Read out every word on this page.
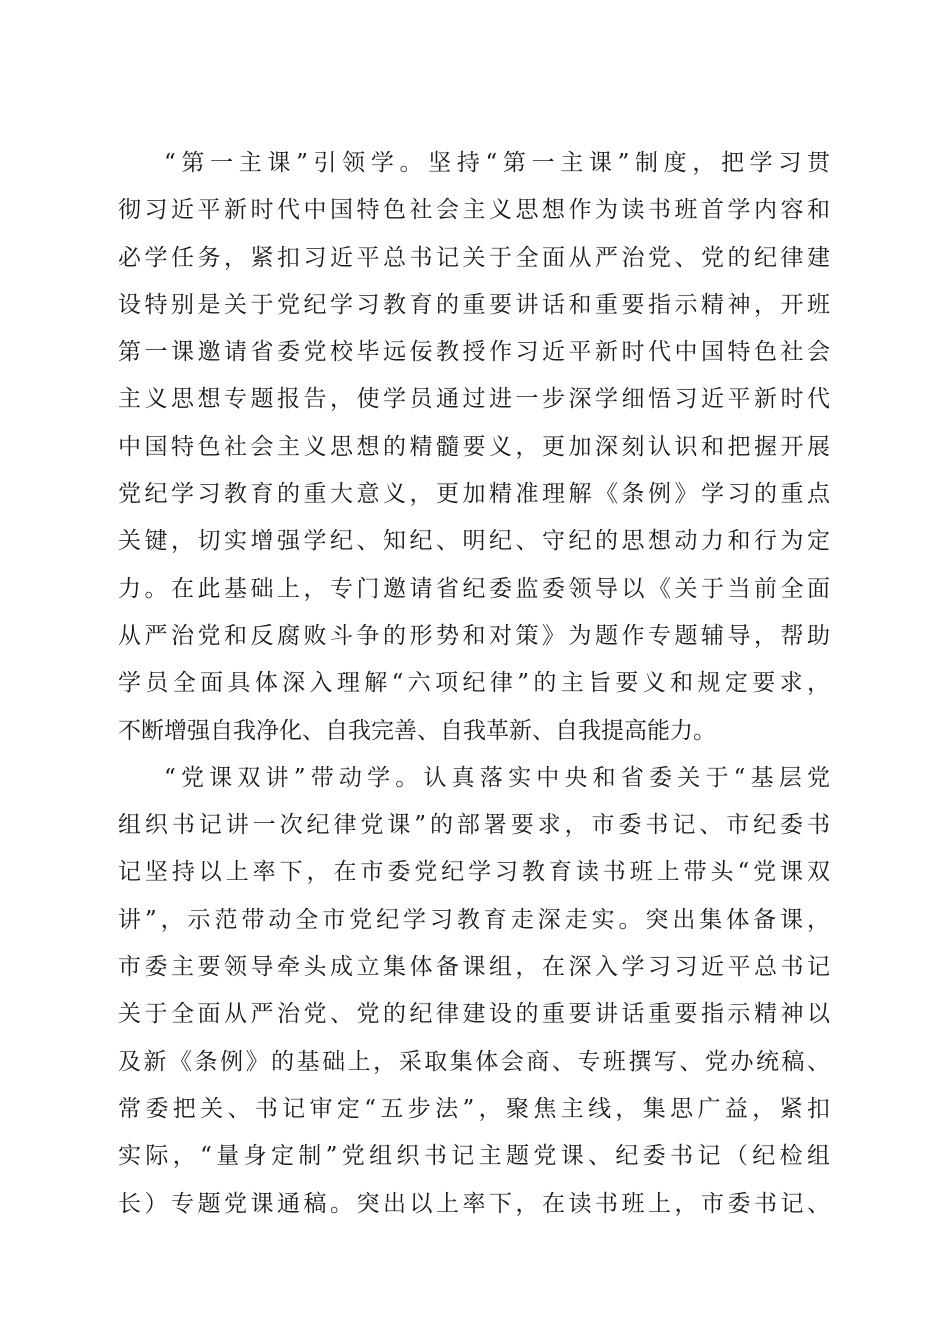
“第一主课”引领学。坚持“第一主课”制度，把学习贯
彻习近平新时代中国特色社会主义思想作为读书班首学内容和
必学任务，紧扣习近平总书记关于全面从严治党、党的纪律建
设特别是关于党纪学习教育的重要讲话和重要指示精神，开班
第一课邀请省委党校毕远佞教授作习近平新时代中国特色社会
主义思想专题报告，使学员通过进一步深学细悟习近平新时代
中国特色社会主义思想的精髓要义，更加深刻认识和把握开展
党纪学习教育的重大意义，更加精准理解《条例》学习的重点
关键，切实增强学纪、知纪、明纪、守纪的思想动力和行为定
力。在此基础上，专门邀请省纪委监委领导以《关于当前全面
从严治党和反腐败斗争的形势和对策》为题作专题辅导，帮助
学员全面具体深入理解“六项纪律”的主旨要义和规定要求，
不断增强自我净化、自我完善、自我革新、自我提高能力。
“党课双讲”带动学。认真落实中央和省委关于“基层党
组织书记讲一次纪律党课”的部署要求，市委书记、市纪委书
记坚持以上率下，在市委党纪学习教育读书班上带头“党课双
讲”，示范带动全市党纪学习教育走深走实。突出集体备课，
市委主要领导牵头成立集体备课组，在深入学习习近平总书记
关于全面从严治党、党的纪律建设的重要讲话重要指示精神以
及新《条例》的基础上，采取集体会商、专班撰写、党办统稿、
常委把关、书记审定“五步法”，聚焦主线，集思广益，紧扣
实际，“量身定制”党组织书记主题党课、纪委书记（纪检组
长）专题党课通稿。突出以上率下，在读书班上，市委书记、
